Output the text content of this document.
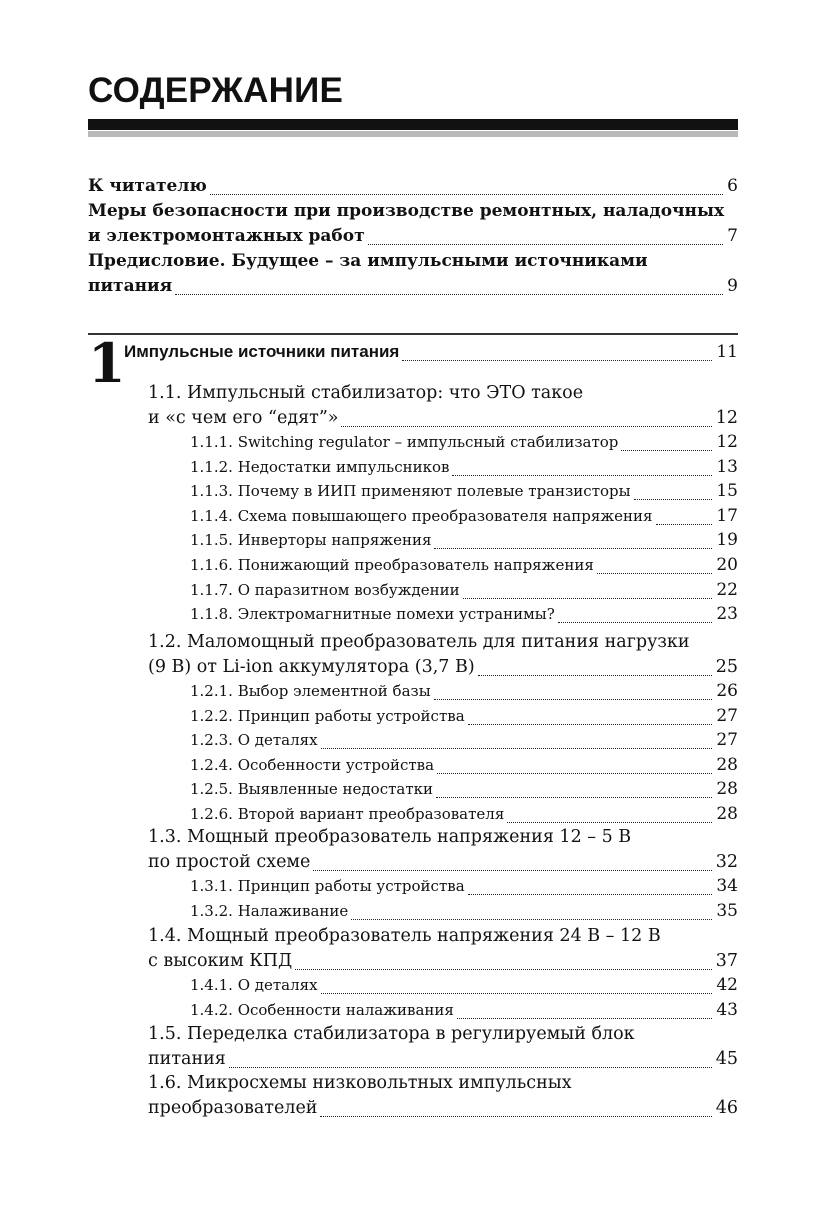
СОДЕРЖАНИЕ
К читателю	6
Меры безопасности при производстве ремонтных, наладочных
и электромонтажных работ	7
Предисловие. Будущее – за импульсными источниками
питания	9
1
Импульсные источники питания	11
1.1. Импульсный стабилизатор: что ЭТО такое
и «с чем его “едят”»	12
1.1.1. Switching regulator – импульсный стабилизатор	12
1.1.2. Недостатки импульсников	13
1.1.3. Почему в ИИП применяют полевые транзисторы	15
1.1.4. Схема повышающего преобразователя напряжения	17
1.1.5. Инверторы напряжения	19
1.1.6. Понижающий преобразователь напряжения	20
1.1.7. О паразитном возбуждении	22
1.1.8. Электромагнитные помехи устранимы?	23
1.2. Маломощный преобразователь для питания нагрузки
(9 В) от Li-ion аккумулятора (3,7 В)	25
1.2.1. Выбор элементной базы	26
1.2.2. Принцип работы устройства	27
1.2.3. О деталях	27
1.2.4. Особенности устройства	28
1.2.5. Выявленные недостатки	28
1.2.6. Второй вариант преобразователя	28
1.3. Мощный преобразователь напряжения 12 – 5 В
по простой схеме	32
1.3.1. Принцип работы устройства	34
1.3.2. Налаживание	35
1.4. Мощный преобразователь напряжения 24 В – 12 В
с высоким КПД	37
1.4.1. О деталях	42
1.4.2. Особенности налаживания	43
1.5. Переделка стабилизатора в регулируемый блок
питания	45
1.6. Микросхемы низковольтных импульсных
преобразователей	46
